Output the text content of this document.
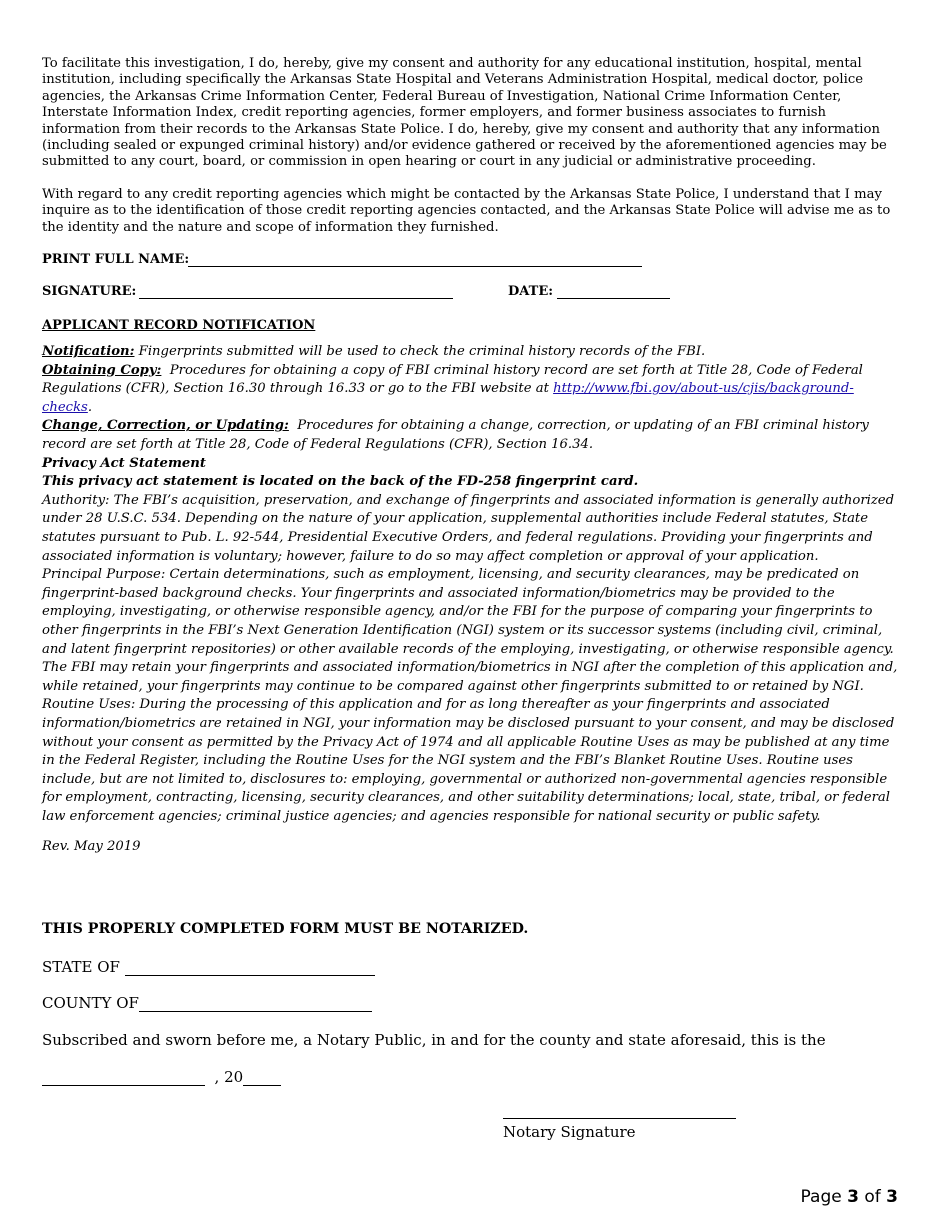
To facilitate this investigation, I do, hereby, give my consent and authority for any educational institution, hospital, mental institution, including specifically the Arkansas State Hospital and Veterans Administration Hospital, medical doctor, police agencies, the Arkansas Crime Information Center, Federal Bureau of Investigation, National Crime Information Center, Interstate Information Index, credit reporting agencies, former employers, and former business associates to furnish information from their records to the Arkansas State Police. I do, hereby, give my consent and authority that any information (including sealed or expunged criminal history) and/or evidence gathered or received by the aforementioned agencies may be submitted to any court, board, or commission in open hearing or court in any judicial or administrative proceeding.

With regard to any credit reporting agencies which might be contacted by the Arkansas State Police, I understand that I may inquire as to the identification of those credit reporting agencies contacted, and the Arkansas State Police will advise me as to the identity and the nature and scope of information they furnished.

PRINT FULL NAME:
SIGNATURE:	DATE:
APPLICANT RECORD NOTIFICATION
Notification: Fingerprints submitted will be used to check the criminal history records of the FBI.
Obtaining Copy: Procedures for obtaining a copy of FBI criminal history record are set forth at Title 28, Code of Federal Regulations (CFR), Section 16.30 through 16.33 or go to the FBI website at http://www.fbi.gov/about-us/cjis/background-checks.
Change, Correction, or Updating: Procedures for obtaining a change, correction, or updating of an FBI criminal history record are set forth at Title 28, Code of Federal Regulations (CFR), Section 16.34.
Privacy Act Statement
This privacy act statement is located on the back of the FD-258 fingerprint card.
Authority: The FBI’s acquisition, preservation, and exchange of fingerprints and associated information is generally authorized under 28 U.S.C. 534. Depending on the nature of your application, supplemental authorities include Federal statutes, State statutes pursuant to Pub. L. 92-544, Presidential Executive Orders, and federal regulations. Providing your fingerprints and associated information is voluntary; however, failure to do so may affect completion or approval of your application.
Principal Purpose: Certain determinations, such as employment, licensing, and security clearances, may be predicated on fingerprint-based background checks. Your fingerprints and associated information/biometrics may be provided to the employing, investigating, or otherwise responsible agency, and/or the FBI for the purpose of comparing your fingerprints to other fingerprints in the FBI’s Next Generation Identification (NGI) system or its successor systems (including civil, criminal, and latent fingerprint repositories) or other available records of the employing, investigating, or otherwise responsible agency. The FBI may retain your fingerprints and associated information/biometrics in NGI after the completion of this application and, while retained, your fingerprints may continue to be compared against other fingerprints submitted to or retained by NGI.
Routine Uses: During the processing of this application and for as long thereafter as your fingerprints and associated information/biometrics are retained in NGI, your information may be disclosed pursuant to your consent, and may be disclosed without your consent as permitted by the Privacy Act of 1974 and all applicable Routine Uses as may be published at any time in the Federal Register, including the Routine Uses for the NGI system and the FBI’s Blanket Routine Uses. Routine uses include, but are not limited to, disclosures to: employing, governmental or authorized non-governmental agencies responsible for employment, contracting, licensing, security clearances, and other suitability determinations; local, state, tribal, or federal law enforcement agencies; criminal justice agencies; and agencies responsible for national security or public safety.
Rev. May 2019
THIS PROPERLY COMPLETED FORM MUST BE NOTARIZED.
STATE OF
COUNTY OF
Subscribed and sworn before me, a Notary Public, in and for the county and state aforesaid, this is the
, 20
Notary Signature
Page 3 of 3
